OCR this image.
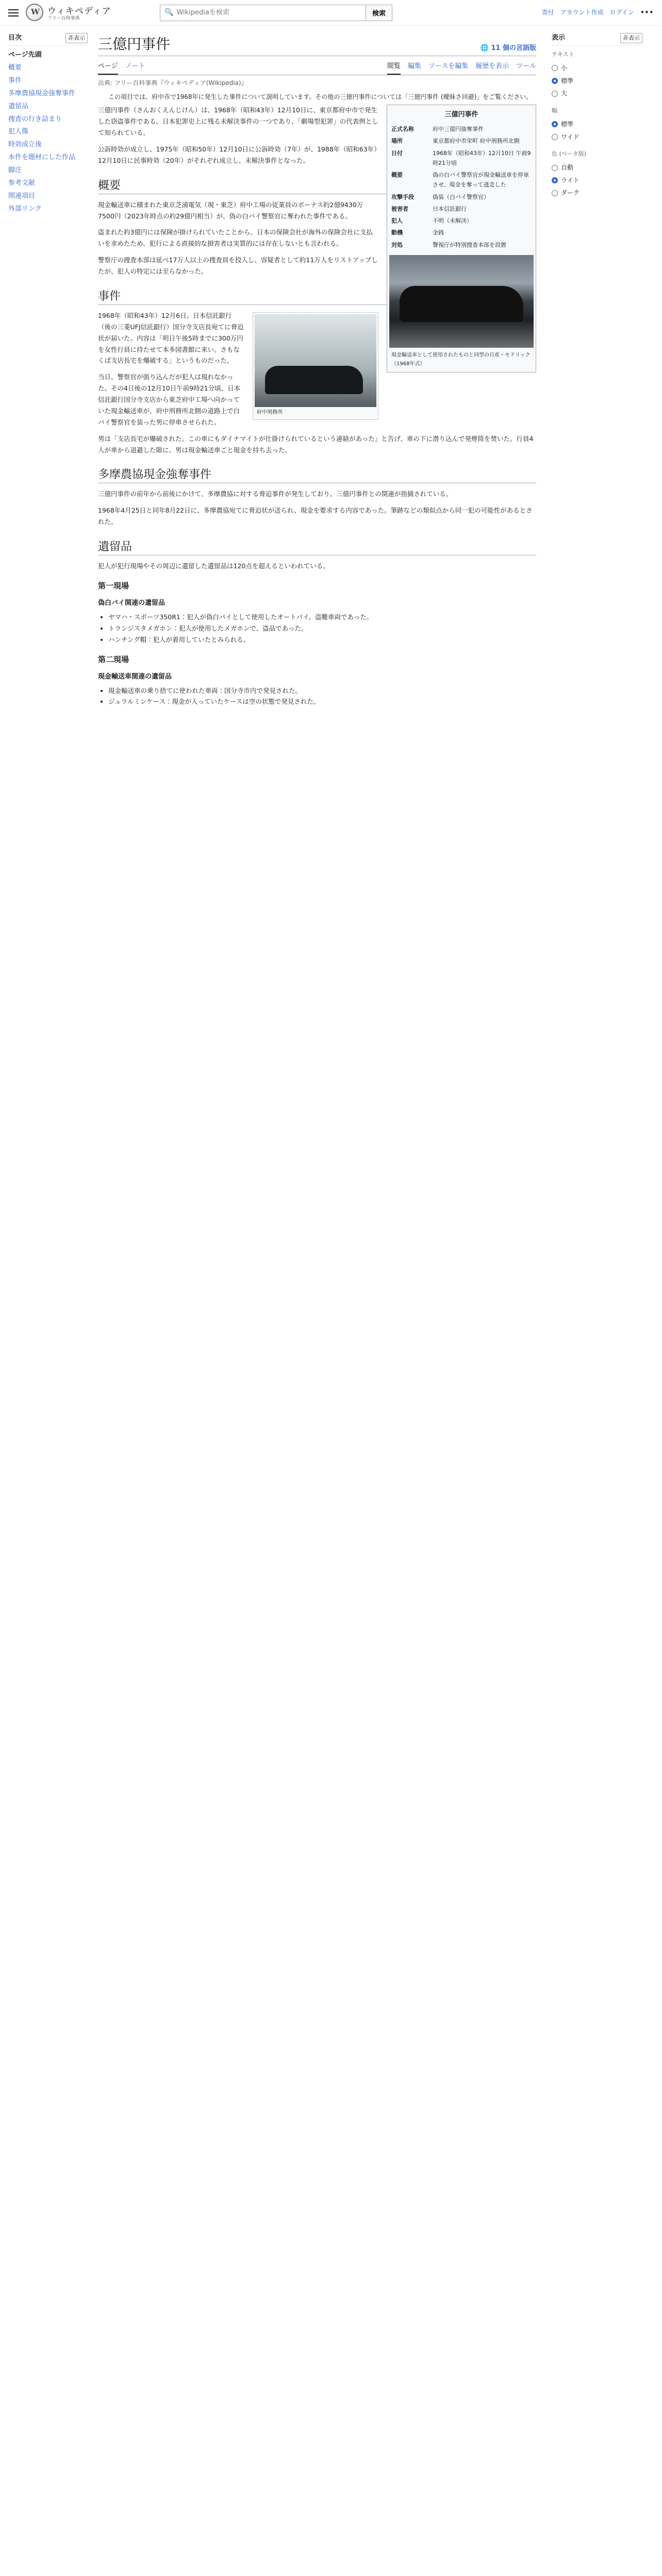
W
ウィキペディア
フリー百科事典
🔍
Wikipediaを検索	検索	寄付 アカウント作成 ログイン •••
目次	非表示
ページ先頭
概要
事件
多摩農協現金強奪事件
遺留品
捜査の行き詰まり
犯人像
時効成立後
本件を題材にした作品
脚注
参考文献
関連項目
外部リンク
三億円事件	🌐 11 個の言語版
ページ ノート	閲覧 編集 ソースを編集 履歴を表示 ツール
出典: フリー百科事典『ウィキペディア(Wikipedia)』
この項目では、府中市で1968年に発生した事件について説明しています。その他の三億円事件については「三億円事件 (曖昧さ回避)」をご覧ください。
三億円事件
正式名称	府中三億円強奪事件
場所	東京都府中市栄町 府中刑務所北側
日付	1968年（昭和43年）12月10日 午前9時21分頃
概要	偽の白バイ警察官が現金輸送車を停車させ、現金を奪って逃走した
攻撃手段	偽装（白バイ警察官）
被害者	日本信託銀行
犯人	不明（未解決）
動機	金銭
対処	警視庁が特別捜査本部を設置
現金輸送車として使用されたものと同型の日産・セドリック（1968年式）

三億円事件（さんおくえんじけん）は、1968年（昭和43年）12月10日に、東京都府中市で発生した窃盗事件である。日本犯罪史上に残る未解決事件の一つであり、「劇場型犯罪」の代表例として知られている。

公訴時効が成立し、1975年（昭和50年）12月10日に公訴時効（7年）が、1988年（昭和63年）12月10日に民事時効（20年）がそれぞれ成立し、未解決事件となった。

概要

現金輸送車に積まれた東京芝浦電気（現・東芝）府中工場の従業員のボーナス約2億9430万7500円（2023年時点の約29億円相当）が、偽の白バイ警察官に奪われた事件である。

盗まれた約3億円には保険が掛けられていたことから、日本の保険会社が海外の保険会社に支払いを求めたため、犯行による直接的な損害者は実質的には存在しないとも言われる。

警察庁の捜査本部は延べ17万人以上の捜査員を投入し、容疑者として約11万人をリストアップしたが、犯人の特定には至らなかった。

事件
府中刑務所

1968年（昭和43年）12月6日、日本信託銀行（後の三菱UFJ信託銀行）国分寺支店長宛てに脅迫状が届いた。内容は「明日午後5時までに300万円を女性行員に持たせて本多図書館に来い。さもなくば支店長宅を爆破する」というものだった。

当日、警察官が張り込んだが犯人は現れなかった。その4日後の12月10日午前9時21分頃、日本信託銀行国分寺支店から東芝府中工場へ向かっていた現金輸送車が、府中刑務所北側の道路上で白バイ警察官を装った男に停車させられた。

男は「支店長宅が爆破された。この車にもダイナマイトが仕掛けられているという連絡があった」と告げ、車の下に潜り込んで発煙筒を焚いた。行員4人が車から退避した隙に、男は現金輸送車ごと現金を持ち去った。

多摩農協現金強奪事件

三億円事件の前年から前後にかけて、多摩農協に対する脅迫事件が発生しており、三億円事件との関連が指摘されている。

1968年4月25日と同年8月22日に、多摩農協宛てに脅迫状が送られ、現金を要求する内容であった。筆跡などの類似点から同一犯の可能性があるとされた。

遺留品

犯人が犯行現場やその周辺に遺留した遺留品は120点を超えるといわれている。

第一現場
偽白バイ関連の遺留品
• ヤマハ・スポーツ350R1：犯人が偽白バイとして使用したオートバイ。盗難車両であった。
• トランジスタメガホン：犯人が使用したメガホンで、盗品であった。
• ハンチング帽：犯人が着用していたとみられる。
第二現場
現金輸送車関連の遺留品
• 現金輸送車の乗り捨てに使われた車両：国分寺市内で発見された。
• ジュラルミンケース：現金が入っていたケースは空の状態で発見された。
表示	非表示
テキスト
小
標準
大
幅
標準
ワイド
色 (ベータ版)
自動
ライト
ダーク
